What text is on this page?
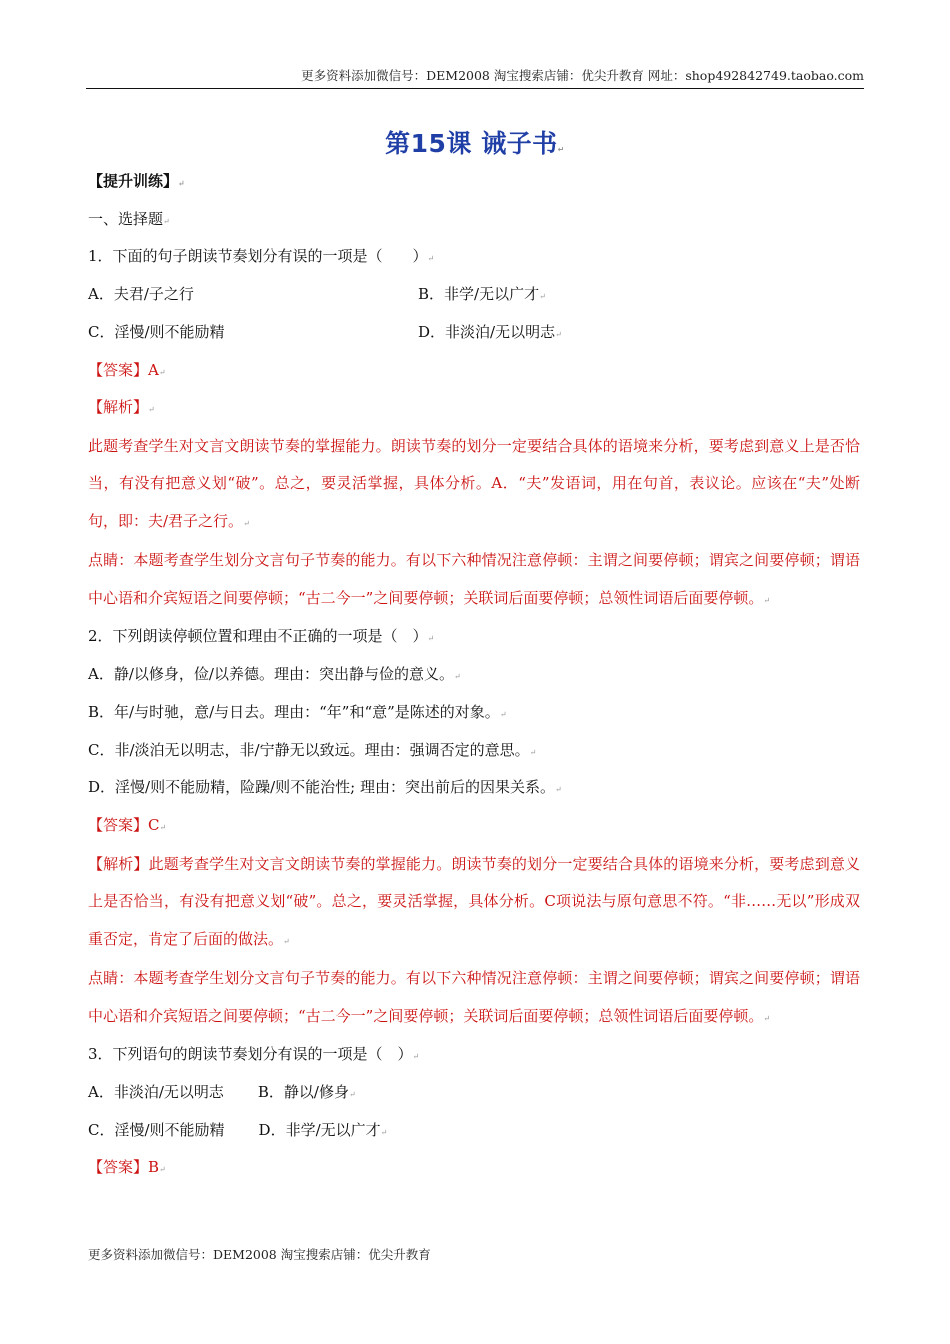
更多资料添加微信号：DEM2008 淘宝搜索店铺：优尖升教育 网址：shop492842749.taobao.com
第15课 诫子书↵
【提升训练】↵
一、选择题↵
1．下面的句子朗读节奏划分有误的一项是（　　）↵
A．夫君/子之行	B．非学/无以广才↵
C．淫慢/则不能励精	D．非淡泊/无以明志↵
【答案】A↵
【解析】↵
此题考查学生对文言文朗读节奏的掌握能力。朗读节奏的划分一定要结合具体的语境来分析，要考虑到意义上是否恰当，有没有把意义划“破”。总之，要灵活掌握，具体分析。A．“夫”发语词，用在句首，表议论。应该在“夫”处断句，即：夫/君子之行。↵
点睛：本题考查学生划分文言句子节奏的能力。有以下六种情况注意停顿：主谓之间要停顿；谓宾之间要停顿；谓语中心语和介宾短语之间要停顿；“古二今一”之间要停顿；关联词后面要停顿；总领性词语后面要停顿。↵
2．下列朗读停顿位置和理由不正确的一项是（　）↵
A．静/以修身，俭/以养德。理由：突出静与俭的意义。↵
B．年/与时驰，意/与日去。理由：“年”和“意”是陈述的对象。↵
C．非/淡泊无以明志，非/宁静无以致远。理由：强调否定的意思。↵
D．淫慢/则不能励精，险躁/则不能治性; 理由：突出前后的因果关系。↵
【答案】C↵
【解析】此题考查学生对文言文朗读节奏的掌握能力。朗读节奏的划分一定要结合具体的语境来分析，要考虑到意义上是否恰当，有没有把意义划“破”。总之，要灵活掌握，具体分析。C项说法与原句意思不符。“非……无以”形成双重否定，肯定了后面的做法。↵
点睛：本题考查学生划分文言句子节奏的能力。有以下六种情况注意停顿：主谓之间要停顿；谓宾之间要停顿；谓语中心语和介宾短语之间要停顿；“古二今一”之间要停顿；关联词后面要停顿；总领性词语后面要停顿。↵
3．下列语句的朗读节奏划分有误的一项是（　）↵
A．非淡泊/无以明志 B．静以/修身↵
C．淫慢/则不能励精 D．非学/无以广才↵
【答案】B↵
更多资料添加微信号：DEM2008 淘宝搜索店铺：优尖升教育
